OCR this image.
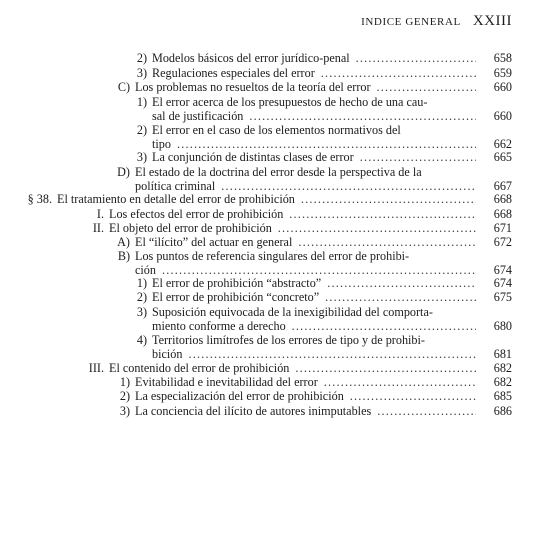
INDICE GENERAL XXIII
2) Modelos básicos del error jurídico-penal	658
.....
3) Regulaciones especiales del error	659
.....
C) Los problemas no resueltos de la teoría del error	660
.....
1) El error acerca de los presupuestos de hecho de una cau-
sal de justificación	660
.....
2) El error en el caso de los elementos normativos del
tipo	662
.....
3) La conjunción de distintas clases de error	665
.....
D) El estado de la doctrina del error desde la perspectiva de la
política criminal	667
.....
§ 38. El tratamiento en detalle del error de prohibición	668
.....
I. Los efectos del error de prohibición	668
.....
II. El objeto del error de prohibición	671
.....
A) El “ilícito” del actuar en general	672
.....
B) Los puntos de referencia singulares del error de prohibi-
ción	674
.....
1) El error de prohibición “abstracto”	674
.....
2) El error de prohibición “concreto”	675
.....
3) Suposición equivocada de la inexigibilidad del comporta-
miento conforme a derecho	680
.....
4) Territorios limítrofes de los errores de tipo y de prohibi-
bición	681
.....
III. El contenido del error de prohibición	682
.....
1) Evitabilidad e inevitabilidad del error	682
.....
2) La especialización del error de prohibición	685
.....
3) La conciencia del ilícito de autores inimputables	686
.....
